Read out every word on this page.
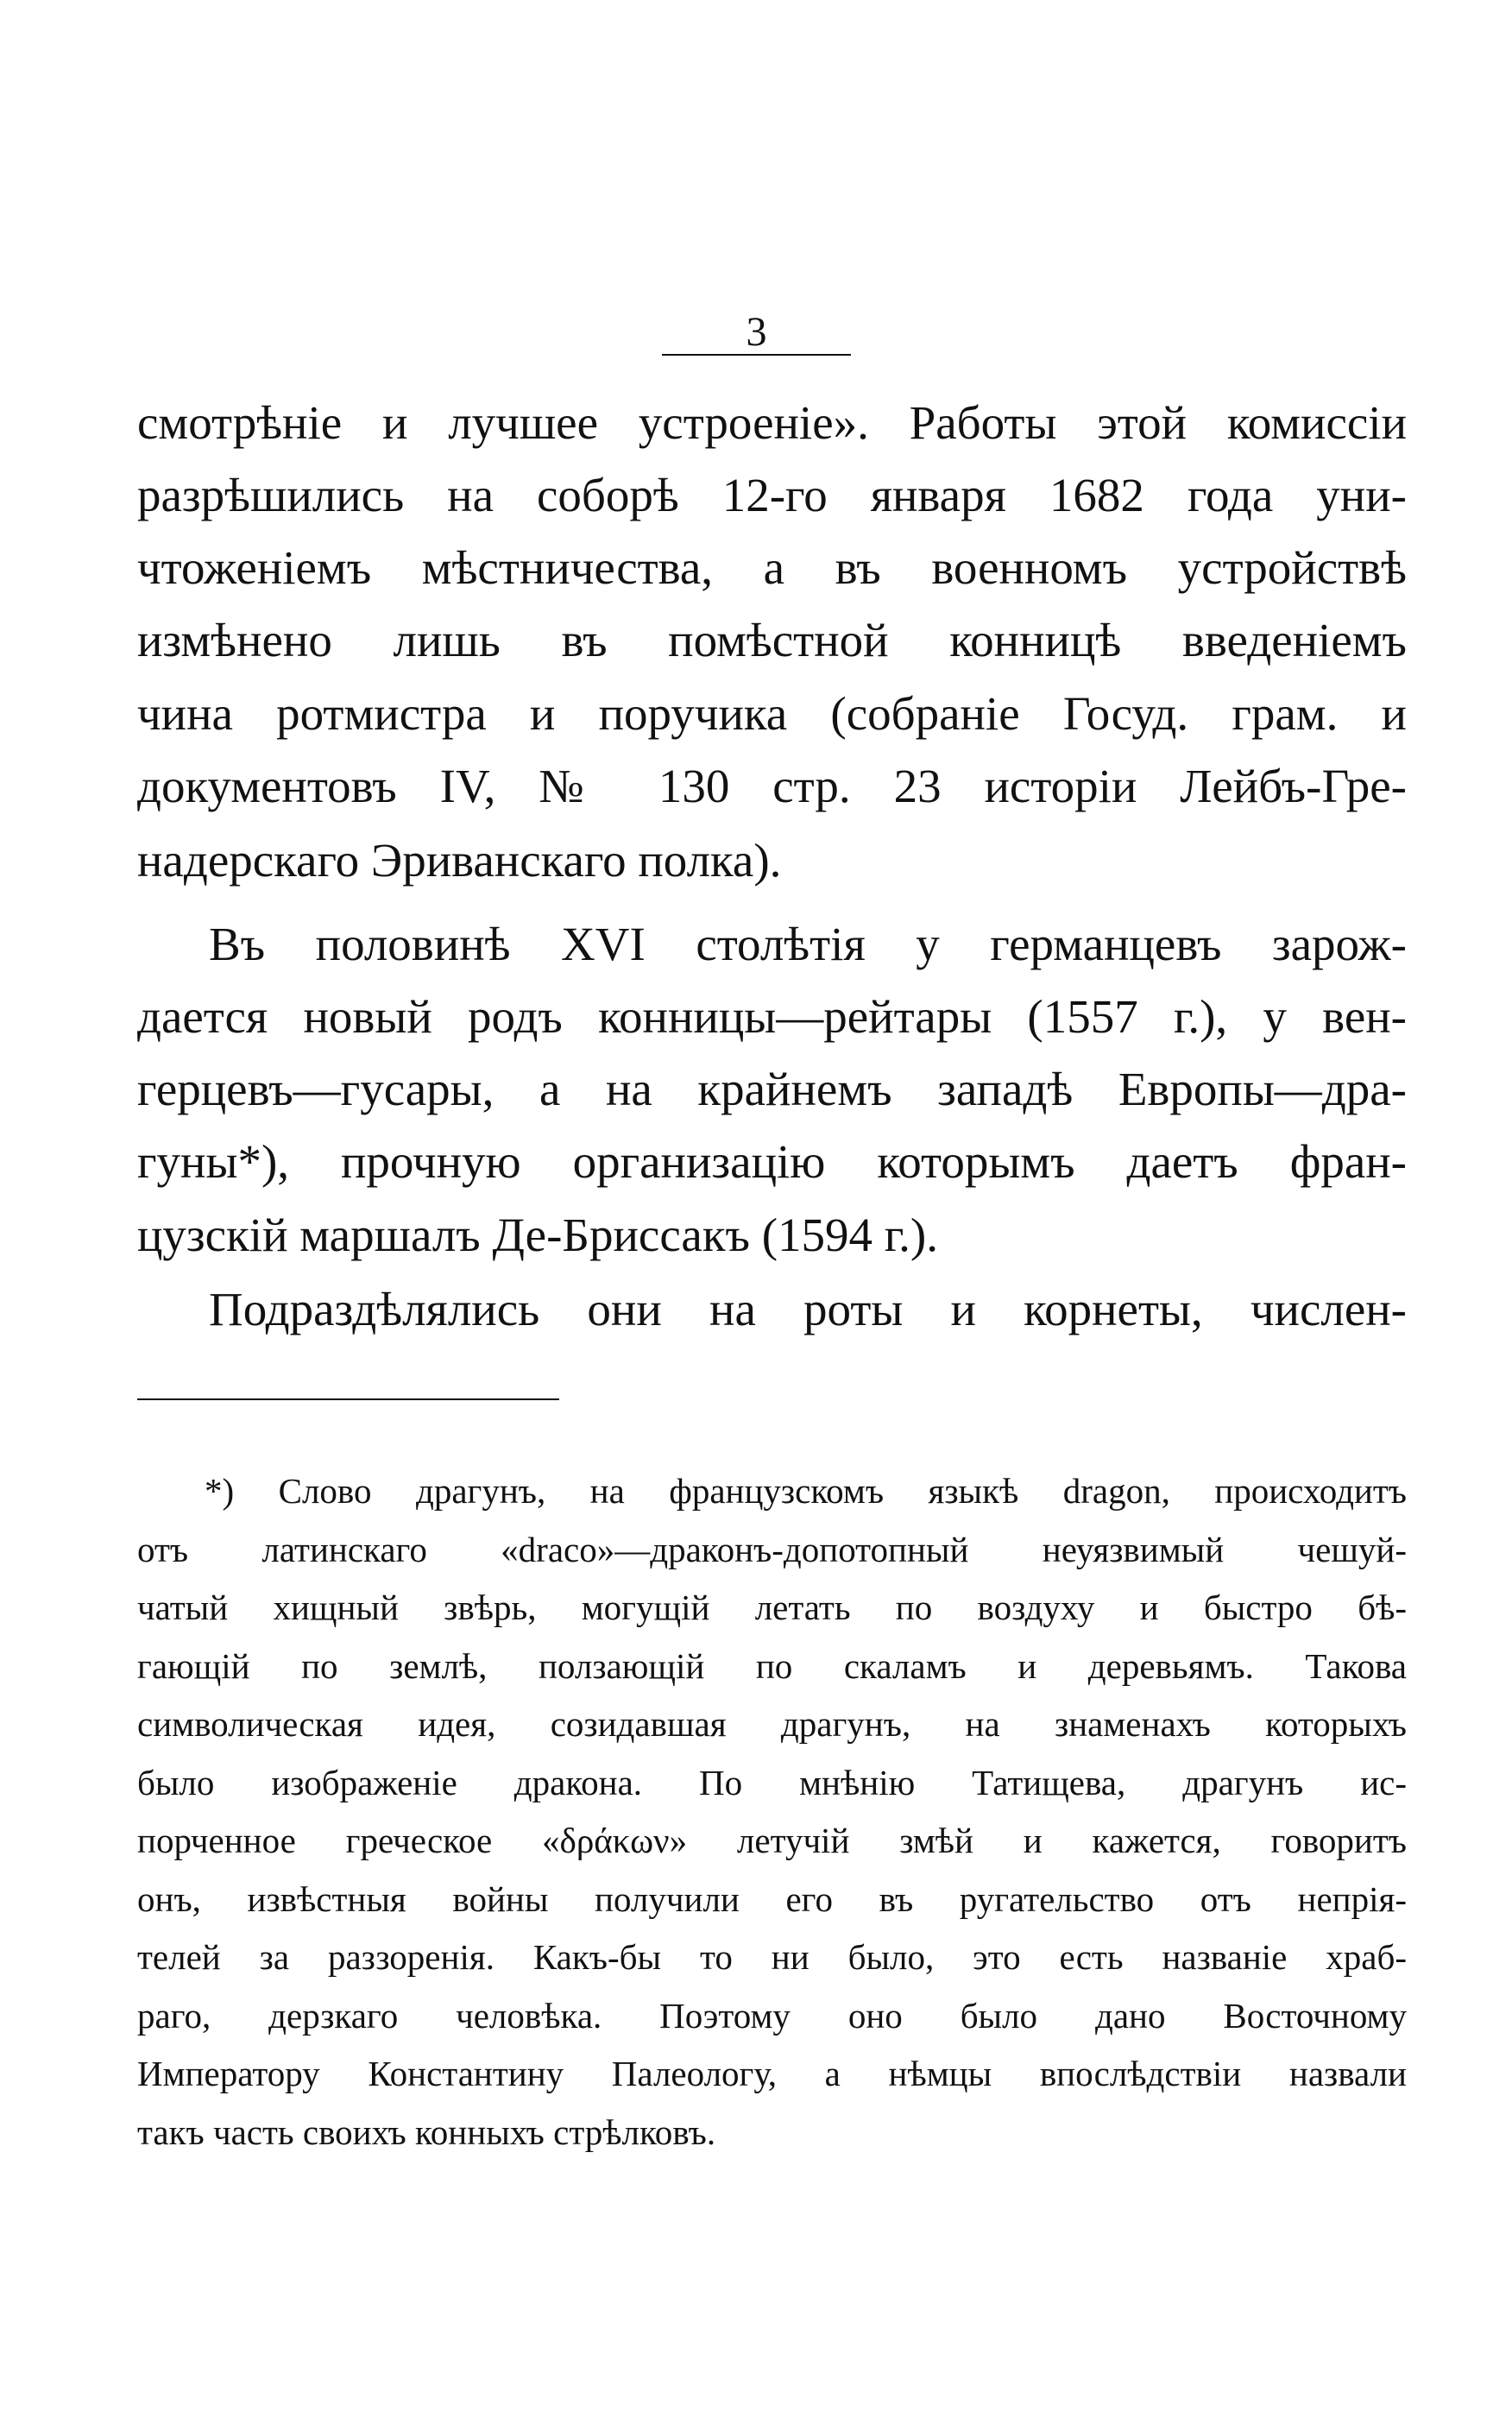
3
смотрѣніе и лучшее устроеніе». Работы этой комиссіи
разрѣшились на соборѣ 12-го января 1682 года уни-
чтоженіемъ мѣстничества, а въ военномъ устройствѣ
измѣнено лишь въ помѣстной конницѣ введеніемъ
чина ротмистра и поручика (собраніе Госуд. грам. и
документовъ IV, № 130 стр. 23 исторіи Лейбъ-Гре-
надерскаго Эриванскаго полка).
Въ половинѣ XVI столѣтія у германцевъ зарож-
дается новый родъ конницы—рейтары (1557 г.), у вен-
герцевъ—гусары, а на крайнемъ западѣ Европы—дра-
гуны*), прочную организацію которымъ даетъ фран-
цузскій маршалъ Де-Бриссакъ (1594 г.).
Подраздѣлялись они на роты и корнеты, числен-
*) Слово драгунъ, на французскомъ языкѣ dragon, происходитъ
отъ латинскаго «draco»—драконъ-допотопный неуязвимый чешуй-
чатый хищный звѣрь, могущій летать по воздуху и быстро бѣ-
гающій по землѣ, ползающій по скаламъ и деревьямъ. Такова
символическая идея, созидавшая драгунъ, на знаменахъ которыхъ
было изображеніе дракона. По мнѣнію Татищева, драгунъ ис-
порченное греческое «δράκων» летучій змѣй и кажется, говоритъ
онъ, извѣстныя войны получили его въ ругательство отъ непрія-
телей за раззоренія. Какъ-бы то ни было, это есть названіе храб-
раго, дерзкаго человѣка. Поэтому оно было дано Восточному
Императору Константину Палеологу, а нѣмцы впослѣдствіи назвали
такъ часть своихъ конныхъ стрѣлковъ.
